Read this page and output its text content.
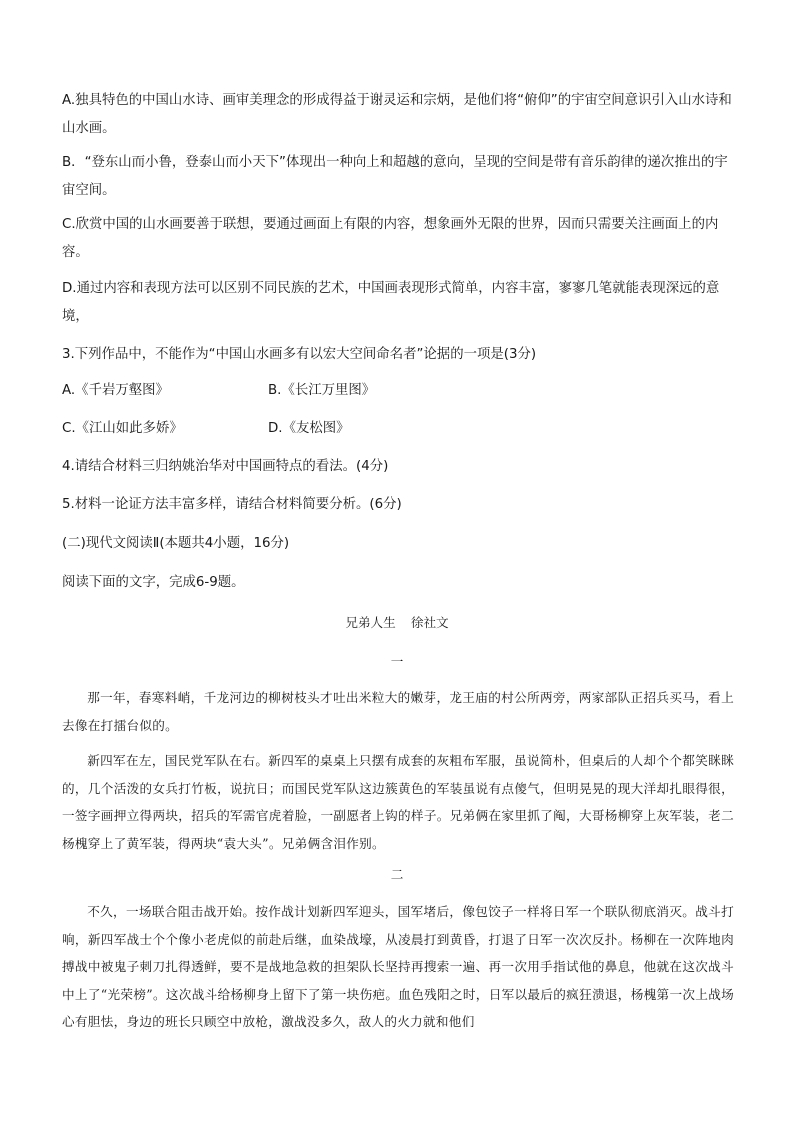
A.独具特色的中国山水诗、画审美理念的形成得益于谢灵运和宗炳，是他们将“俯仰”的宇宙空间意识引入山水诗和山水画。

B．“登东山而小鲁，登泰山而小天下”体现出一种向上和超越的意向，呈现的空间是带有音乐韵律的递次推出的宇宙空间。

C.欣赏中国的山水画要善于联想，要通过画面上有限的内容，想象画外无限的世界，因而只需要关注画面上的内容。

D.通过内容和表现方法可以区别不同民族的艺术，中国画表现形式简单，内容丰富，寥寥几笔就能表现深远的意境，

3.下列作品中，不能作为“中国山水画多有以宏大空间命名者”论据的一项是(3分)

A.《千岩万壑图》	B.《长江万里图》

C.《江山如此多娇》	D.《友松图》

4.请结合材料三归纳姚治华对中国画特点的看法。(4分)

5.材料一论证方法丰富多样，请结合材料简要分析。(6分)

(二)现代文阅读Ⅱ(本题共4小题，16分)

阅读下面的文字，完成6-9题。

兄弟人生 徐社文

一

那一年，春寒料峭，千龙河边的柳树枝头才吐出米粒大的嫩芽，龙王庙的村公所两旁，两家部队正招兵买马，看上去像在打擂台似的。

新四军在左，国民党军队在右。新四军的桌桌上只摆有成套的灰粗布军服，虽说简朴，但桌后的人却个个都笑眯眯的，几个活泼的女兵打竹板，说抗日；而国民党军队这边簇黄色的军装虽说有点傻气，但明晃晃的现大洋却扎眼得很，一签字画押立得两块，招兵的军需官虎着脸，一副愿者上钩的样子。兄弟俩在家里抓了阄，大哥杨柳穿上灰军装，老二杨槐穿上了黄军装，得两块“袁大头”。兄弟俩含泪作别。

二

不久，一场联合阻击战开始。按作战计划新四军迎头，国军堵后，像包饺子一样将日军一个联队彻底消灭。战斗打响，新四军战士个个像小老虎似的前赴后继，血染战壕，从凌晨打到黄昏，打退了日军一次次反扑。杨柳在一次阵地肉搏战中被鬼子刺刀扎得透鲜，要不是战地急救的担架队长坚持再搜索一遍、再一次用手指试他的鼻息，他就在这次战斗中上了“光荣榜”。这次战斗给杨柳身上留下了第一块伤疤。血色残阳之时，日军以最后的疯狂溃退，杨槐第一次上战场心有胆怯，身边的班长只顾空中放枪，激战没多久，敌人的火力就和他们
